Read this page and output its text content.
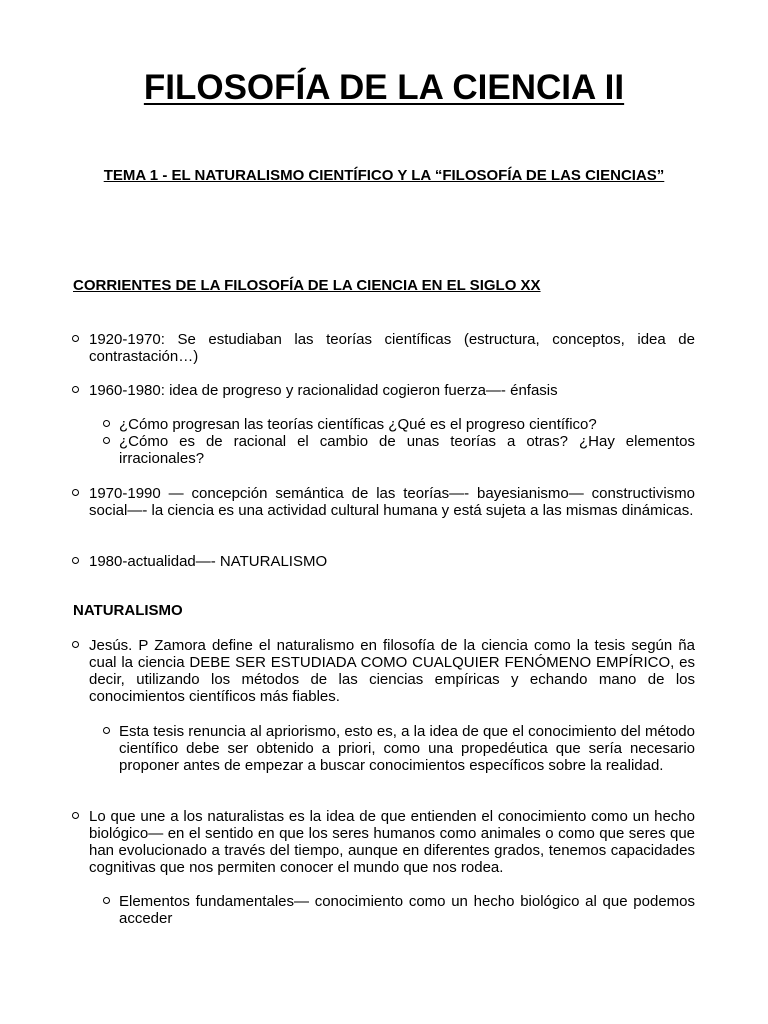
FILOSOFÍA DE LA CIENCIA II
TEMA 1 - EL NATURALISMO CIENTÍFICO Y LA “FILOSOFÍA DE LAS CIENCIAS”
CORRIENTES DE LA FILOSOFÍA DE LA CIENCIA EN EL SIGLO XX

1920-1970: Se estudiaban las teorías científicas (estructura, conceptos, idea de contrastación…)

1960-1980: idea de progreso y racionalidad cogieron fuerza—- énfasis

¿Cómo progresan las teorías científicas ¿Qué es el progreso científico?

¿Cómo es de racional el cambio de unas teorías a otras? ¿Hay elementos irracionales?

1970-1990 — concepción semántica de las teorías—- bayesianismo— constructivismo social—- la ciencia es una actividad cultural humana y está sujeta a las mismas dinámicas.

1980-actualidad—- NATURALISMO

NATURALISMO

Jesús. P Zamora define el naturalismo en filosofía de la ciencia como la tesis según ña cual la ciencia DEBE SER ESTUDIADA COMO CUALQUIER FENÓMENO EMPÍRICO, es decir, utilizando los métodos de las ciencias empíricas y echando mano de los conocimientos científicos más fiables.

Esta tesis renuncia al apriorismo, esto es, a la idea de que el conocimiento del método científico debe ser obtenido a priori, como una propedéutica que sería necesario proponer antes de empezar a buscar conocimientos específicos sobre la realidad.

Lo que une a los naturalistas es la idea de que entienden el conocimiento como un hecho biológico— en el sentido en que los seres humanos como animales o como que seres que han evolucionado a través del tiempo, aunque en diferentes grados, tenemos capacidades cognitivas que nos permiten conocer el mundo que nos rodea.

Elementos fundamentales— conocimiento como un hecho biológico al que podemos acceder
